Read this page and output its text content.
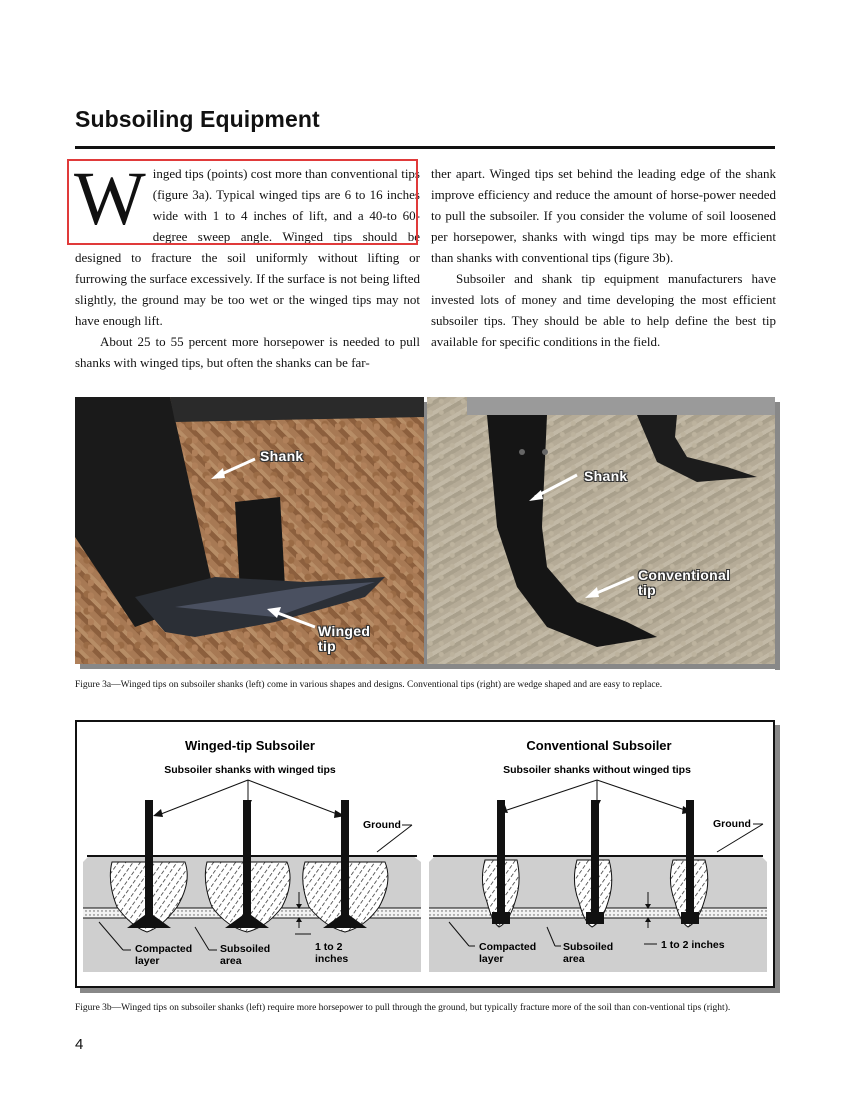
Subsoiling Equipment

Winged tips (points) cost more than conventional tips (figure 3a). Typical winged tips are 6 to 16 inches wide with 1 to 4 inches of lift, and a 40-to 60-degree sweep angle. Winged tips should be designed to fracture the soil uniformly without lifting or furrowing the surface excessively. If the surface is not being lifted slightly, the ground may be too wet or the winged tips may not have enough lift.

About 25 to 55 percent more horsepower is needed to pull shanks with winged tips, but often the shanks can be far-

ther apart. Winged tips set behind the leading edge of the shank improve efficiency and reduce the amount of horse-power needed to pull the subsoiler. If you consider the volume of soil loosened per horsepower, shanks with wingd tips may be more efficient than shanks with conventional tips (figure 3b).

Subsoiler and shank tip equipment manufacturers have invested lots of money and time developing the most efficient subsoiler tips. They should be able to help define the best tip available for specific conditions in the field.

Shank
Winged
tip
Shank
Conventional
tip
Figure 3a—Winged tips on subsoiler shanks (left) come in various shapes and designs. Conventional tips (right) are wedge shaped and are easy to replace.
Winged-tip Subsoiler
Subsoiler shanks with winged tips
Ground
1 to 2
inches
Compacted
layer
Subsoiled
area
Conventional Subsoiler
Subsoiler shanks without winged tips
Ground
1 to 2 inches
Compacted
layer
Subsoiled
area
Figure 3b—Winged tips on subsoiler shanks (left) require more horsepower to pull through the ground, but typically fracture more of the soil than con-ventional tips (right).
4
